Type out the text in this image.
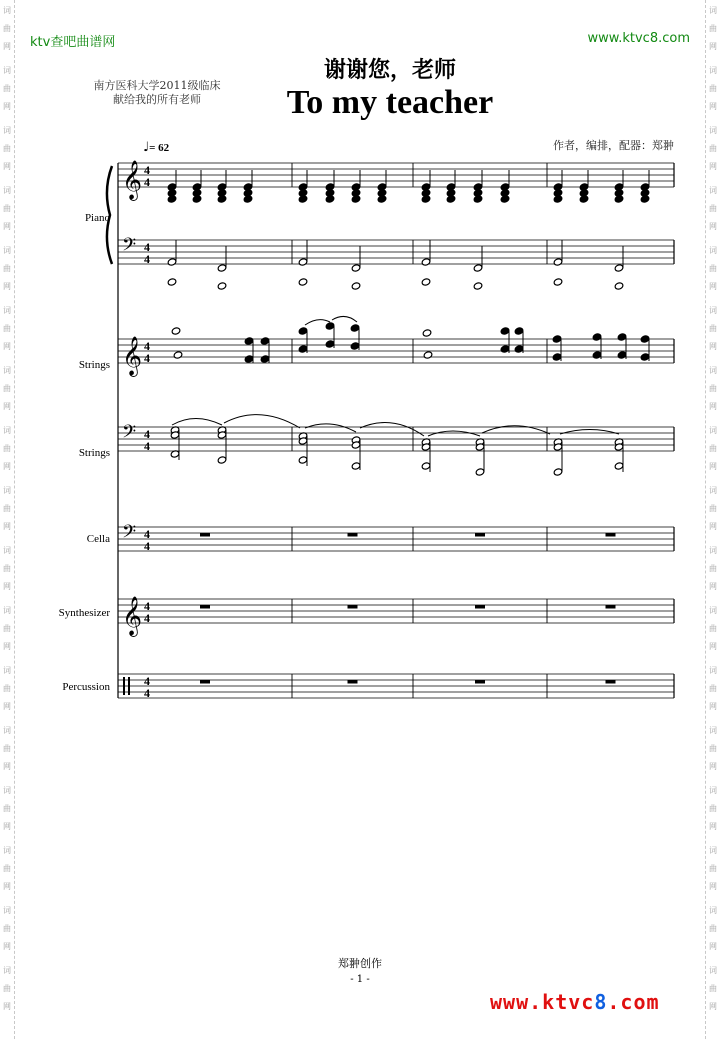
词
曲
网
词
曲
网
词
曲
网
词
曲
网
词
曲
网
词
曲
网
词
曲
网
词
曲
网
词
曲
网
词
曲
网
词
曲
网
词
曲
网
词
曲
网
词
曲
网
词
曲
网
词
曲
网
词
曲
网
词
曲
网
词
曲
网
词
曲
网
词
曲
网
词
曲
网
词
曲
网
词
曲
网
词
曲
网
词
曲
网
词
曲
网
词
曲
网
词
曲
网
词
曲
网
词
曲
网
词
曲
网
词
曲
网
词
曲
网
ktv查吧曲谱网	www.ktvc8.com
南方医科大学2011级临床
献给我的所有老师
谢谢您，老师
To my teacher
作者，编排，配器：郑翀
♩= 62
Piano
Strings
Strings
Cella
Synthesizer
Percussion
𝄞 4
4
𝄢 4
4
𝄞 4
4
𝄢 4
4
𝄢 4
4
𝄞 4
4
4
4
郑翀创作
- 1 -
www.ktvc8.com
